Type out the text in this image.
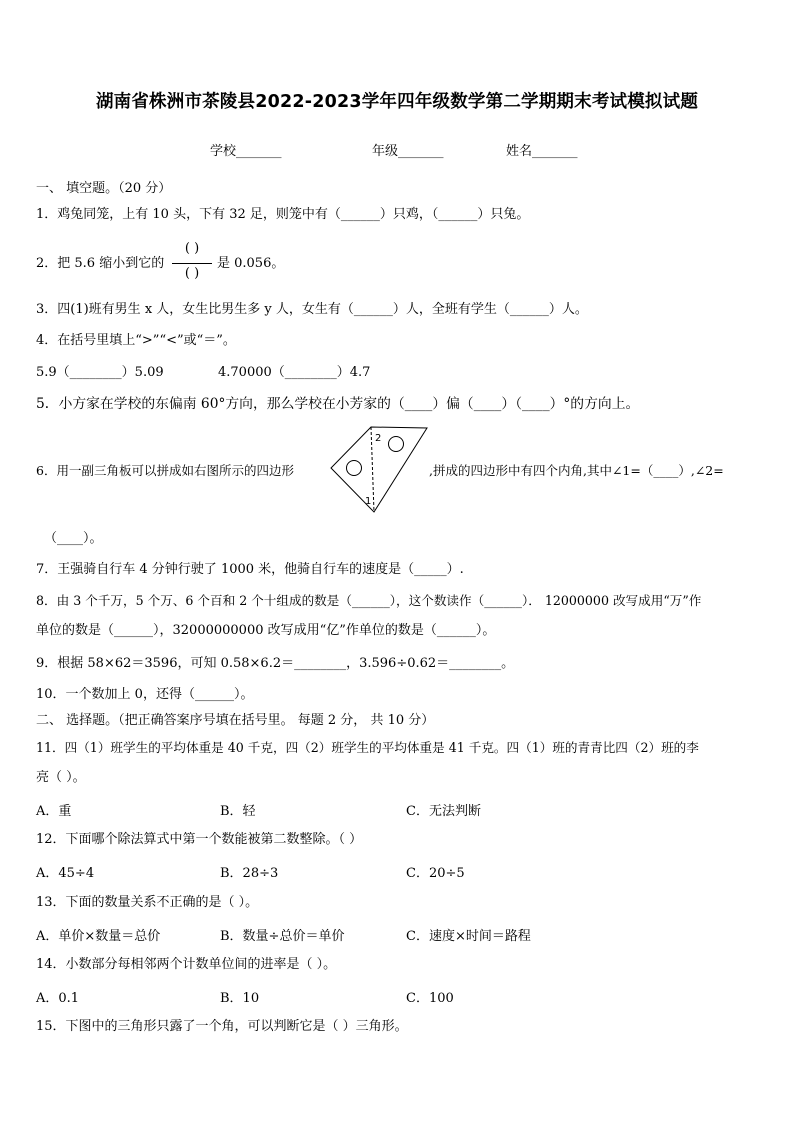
湖南省株洲市茶陵县2022-2023学年四年级数学第二学期期末考试模拟试题
学校_______	年级_______	姓名_______
一、 填空题。（20 分）
1．鸡兔同笼，上有 10 头，下有 32 足，则笼中有（______）只鸡，（______）只兔。
2．把 5.6 缩小到它的
( )
( )
是 0.056。
3．四(1)班有男生 x 人，女生比男生多 y 人，女生有（______）人，全班有学生（______）人。
4．在括号里填上“>”“<”或“＝”。
5.9（________）5.09	4.70000（________）4.7
5．小方家在学校的东偏南 60°方向，那么学校在小芳家的（____）偏（____）（____）°的方向上。
6．用一副三角板可以拼成如右图所示的四边形
2
1
,拼成的四边形中有四个内角,其中∠1=（____）,∠2=
（____）。
7．王强骑自行车 4 分钟行驶了 1000 米，他骑自行车的速度是（_____）.
8．由 3 个千万，5 个万、6 个百和 2 个十组成的数是（______），这个数读作（______）． 12000000 改写成用“万”作
单位的数是（______），32000000000 改写成用“亿”作单位的数是（______）。
9．根据 58×62＝3596，可知 0.58×6.2＝________，3.596÷0.62＝________。
10．一个数加上 0，还得（______）。
二、 选择题。（把正确答案序号填在括号里。 每题 2 分， 共 10 分）
11．四（1）班学生的平均体重是 40 千克，四（2）班学生的平均体重是 41 千克。四（1）班的青青比四（2）班的李
亮（ ）。
A．重	B．轻	C．无法判断
12．下面哪个除法算式中第一个数能被第二数整除。（ ）
A．45÷4	B．28÷3	C．20÷5
13．下面的数量关系不正确的是（ ）。
A．单价×数量＝总价	B．数量÷总价＝单价	C．速度×时间＝路程
14．小数部分每相邻两个计数单位间的进率是（ ）。
A．0.1	B．10	C．100
15．下图中的三角形只露了一个角，可以判断它是（ ）三角形。
